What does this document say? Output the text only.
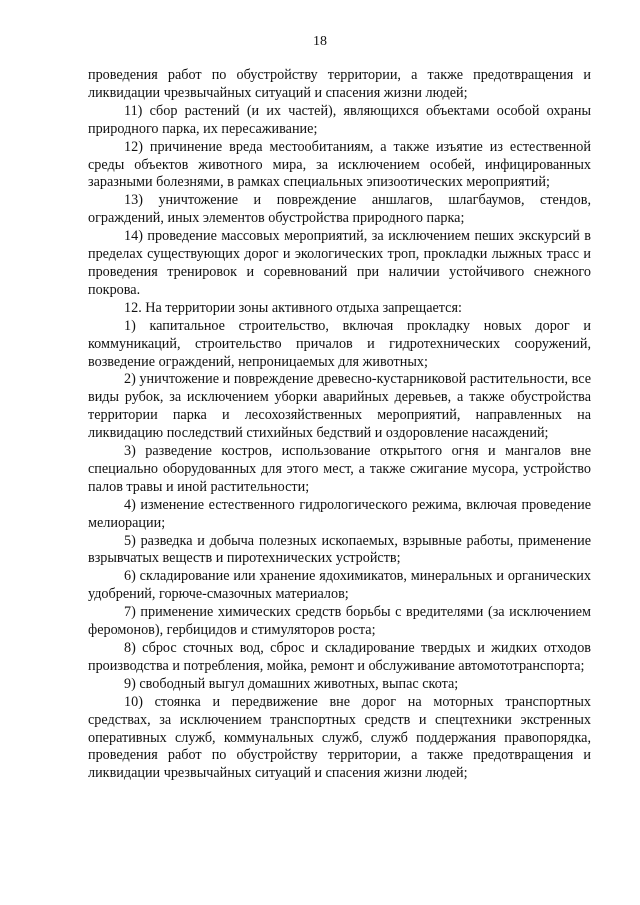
18

проведения работ по обустройству территории, а также предотвращения и ликвидации чрезвычайных ситуаций и спасения жизни людей;

11) сбор растений (и их частей), являющихся объектами особой охраны природного парка, их пересаживание;

12) причинение вреда местообитаниям, а также изъятие из естественной среды объектов животного мира, за исключением особей, инфицированных заразными болезнями, в рамках специальных эпизоотических мероприятий;

13) уничтожение и повреждение аншлагов, шлагбаумов, стендов, ограждений, иных элементов обустройства природного парка;

14) проведение массовых мероприятий, за исключением пеших экскурсий в пределах существующих дорог и экологических троп, прокладки лыжных трасс и проведения тренировок и соревнований при наличии устойчивого снежного покрова.

12. На территории зоны активного отдыха запрещается:

1) капитальное строительство, включая прокладку новых дорог и коммуникаций, строительство причалов и гидротехнических сооружений, возведение ограждений, непроницаемых для животных;

2) уничтожение и повреждение древесно-кустарниковой растительности, все виды рубок, за исключением уборки аварийных деревьев, а также обустройства территории парка и лесохозяйственных мероприятий, направленных на ликвидацию последствий стихийных бедствий и оздоровление насаждений;

3) разведение костров, использование открытого огня и мангалов вне специально оборудованных для этого мест, а также сжигание мусора, устройство палов травы и иной растительности;

4) изменение естественного гидрологического режима, включая проведение мелиорации;

5) разведка и добыча полезных ископаемых, взрывные работы, применение взрывчатых веществ и пиротехнических устройств;

6) складирование или хранение ядохимикатов, минеральных и органических удобрений, горюче-смазочных материалов;

7) применение химических средств борьбы с вредителями (за исключением феромонов), гербицидов и стимуляторов роста;

8) сброс сточных вод, сброс и складирование твердых и жидких отходов производства и потребления, мойка, ремонт и обслуживание автомототранспорта;

9) свободный выгул домашних животных, выпас скота;

10) стоянка и передвижение вне дорог на моторных транспортных средствах, за исключением транспортных средств и спецтехники экстренных оперативных служб, коммунальных служб, служб поддержания правопорядка, проведения работ по обустройству территории, а также предотвращения и ликвидации чрезвычайных ситуаций и спасения жизни людей;
